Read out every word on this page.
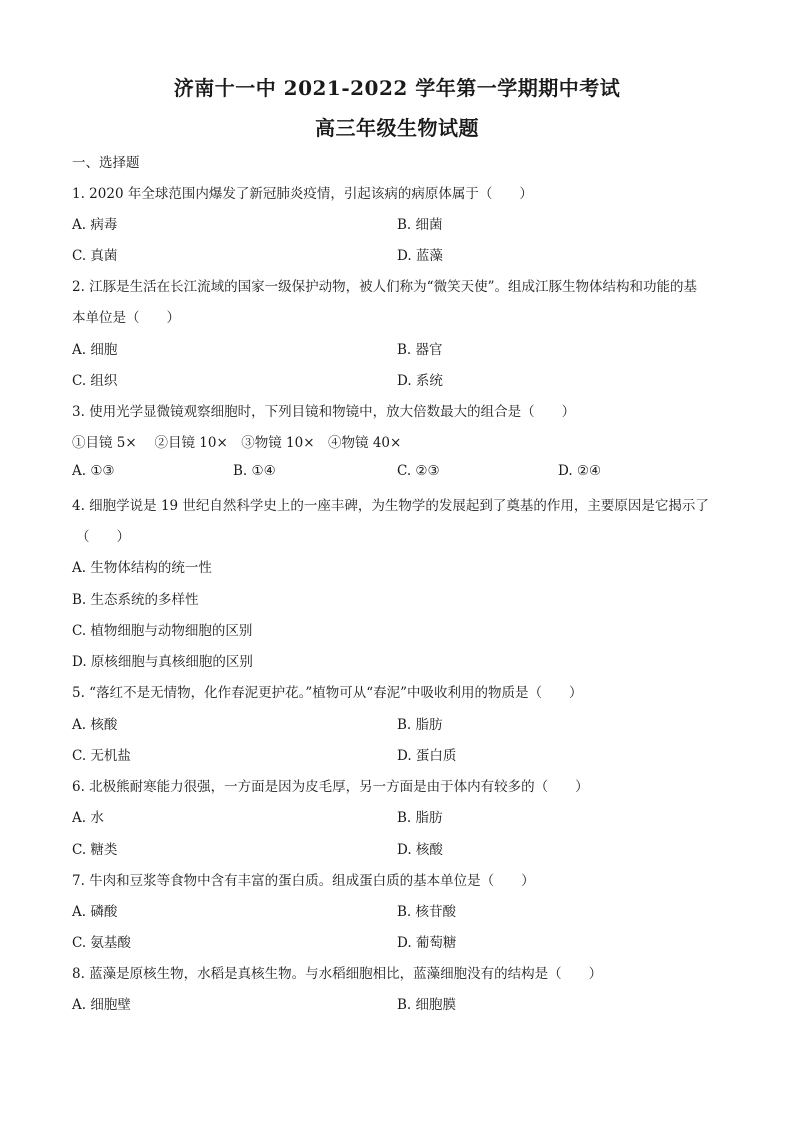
济南十一中 2021-2022 学年第一学期期中考试
高三年级生物试题
一、选择题
1. 2020 年全球范围内爆发了新冠肺炎疫情，引起该病的病原体属于（　　）
A. 病毒	B. 细菌
C. 真菌	D. 蓝藻
2. 江豚是生活在长江流域的国家一级保护动物，被人们称为“微笑天使”。组成江豚生物体结构和功能的基
本单位是（　　）
A. 细胞	B. 器官
C. 组织	D. 系统
3. 使用光学显微镜观察细胞时，下列目镜和物镜中，放大倍数最大的组合是（　　）
①目镜 5×　 ②目镜 10×　③物镜 10×　④物镜 40×
A. ①③	B. ①④	C. ②③	D. ②④
4. 细胞学说是 19 世纪自然科学史上的一座丰碑，为生物学的发展起到了奠基的作用，主要原因是它揭示了
（　　）
A. 生物体结构的统一性
B. 生态系统的多样性
C. 植物细胞与动物细胞的区别
D. 原核细胞与真核细胞的区别
5. “落红不是无情物，化作春泥更护花。”植物可从“春泥”中吸收利用的物质是（　　）
A. 核酸	B. 脂肪
C. 无机盐	D. 蛋白质
6. 北极熊耐寒能力很强，一方面是因为皮毛厚，另一方面是由于体内有较多的（　　）
A. 水	B. 脂肪
C. 糖类	D. 核酸
7. 牛肉和豆浆等食物中含有丰富的蛋白质。组成蛋白质的基本单位是（　　）
A. 磷酸	B. 核苷酸
C. 氨基酸	D. 葡萄糖
8. 蓝藻是原核生物，水稻是真核生物。与水稻细胞相比，蓝藻细胞没有的结构是（　　）
A. 细胞壁	B. 细胞膜
